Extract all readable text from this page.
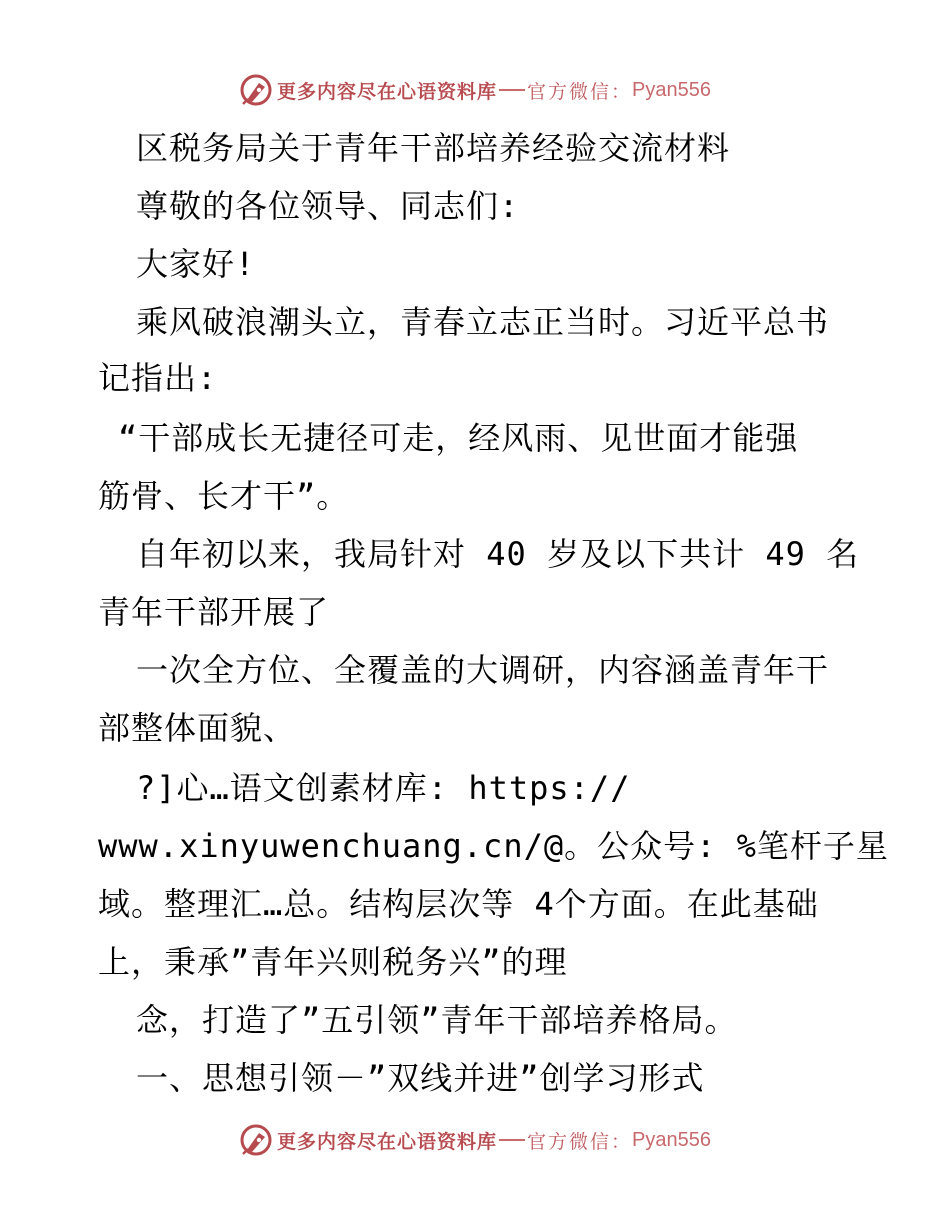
更多内容尽在心语资料库 官方微信： Pyan556
区税务局关于青年干部培养经验交流材料
尊敬的各位领导、同志们:
大家好!
乘风破浪潮头立，青春立志正当时。习近平总书
记指出:
“干部成长无捷径可走，经风雨、见世面才能强
筋骨、长才干”。
自年初以来，我局针对 40 岁及以下共计 49 名
青年干部开展了
一次全方位、全覆盖的大调研，内容涵盖青年干
部整体面貌、
?]心…语文创素材库: https://
www.xinyuwenchuang.cn/@。公众号: %笔杆子星
域。整理汇…总。结构层次等 4个方面。在此基础
上，秉承”青年兴则税务兴”的理
念，打造了”五引领”青年干部培养格局。
一、思想引领－”双线并进”创学习形式
更多内容尽在心语资料库 官方微信： Pyan556
